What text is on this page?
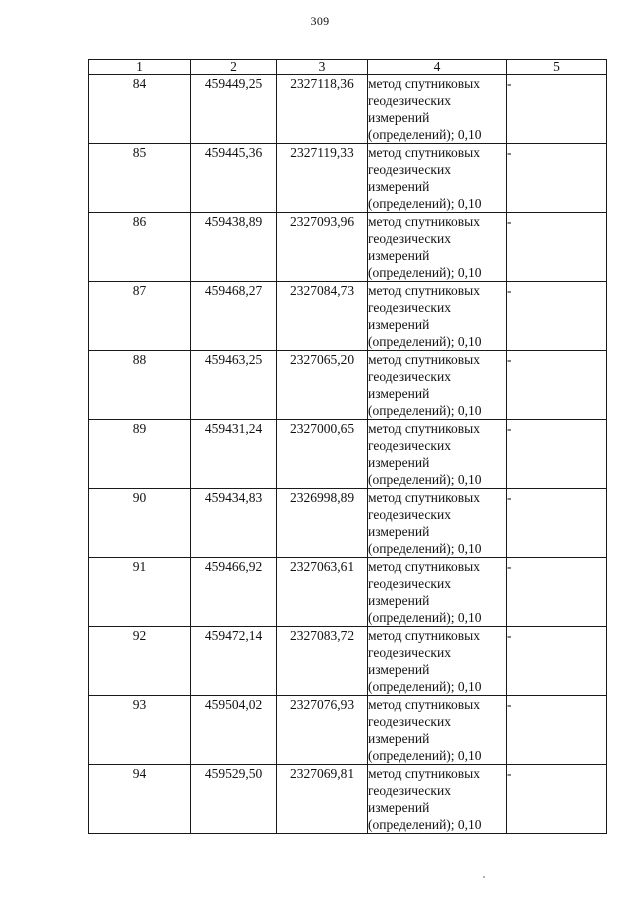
309
1	2	3	4	5
84	459449,25	2327118,36	метод спутниковых
геодезических
измерений
(определений); 0,10	-
85	459445,36	2327119,33	метод спутниковых
геодезических
измерений
(определений); 0,10	-
86	459438,89	2327093,96	метод спутниковых
геодезических
измерений
(определений); 0,10	-
87	459468,27	2327084,73	метод спутниковых
геодезических
измерений
(определений); 0,10	-
88	459463,25	2327065,20	метод спутниковых
геодезических
измерений
(определений); 0,10	-
89	459431,24	2327000,65	метод спутниковых
геодезических
измерений
(определений); 0,10	-
90	459434,83	2326998,89	метод спутниковых
геодезических
измерений
(определений); 0,10	-
91	459466,92	2327063,61	метод спутниковых
геодезических
измерений
(определений); 0,10	-
92	459472,14	2327083,72	метод спутниковых
геодезических
измерений
(определений); 0,10	-
93	459504,02	2327076,93	метод спутниковых
геодезических
измерений
(определений); 0,10	-
94	459529,50	2327069,81	метод спутниковых
геодезических
измерений
(определений); 0,10	-
